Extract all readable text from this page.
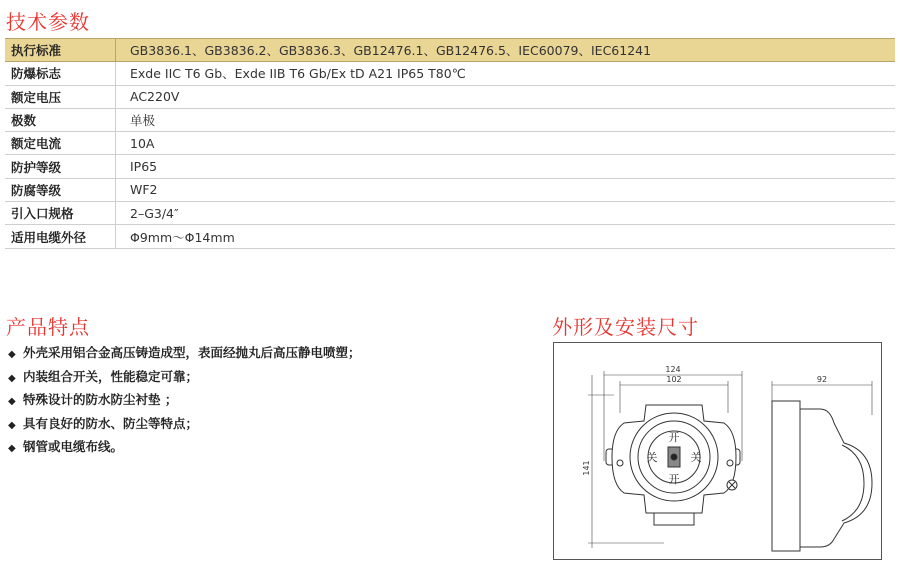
技术参数
执行标准	GB3836.1、GB3836.2、GB3836.3、GB12476.1、GB12476.5、IEC60079、IEC61241
防爆标志	Exde IIC T6 Gb、Exde IIB T6 Gb/Ex tD A21 IP65 T80℃
额定电压	AC220V
极数	单极
额定电流	10A
防护等级	IP65
防腐等级	WF2
引入口规格	2–G3/4″
适用电缆外径	Φ9mm～Φ14mm
产品特点
◆ 外壳采用铝合金高压铸造成型，表面经抛丸后高压静电喷塑；
◆ 内装组合开关，性能稳定可靠；
◆ 特殊设计的防水防尘衬垫 ；
◆ 具有良好的防水、防尘等特点；
◆ 钢管或电缆布线。
外形及安装尺寸
124
102
141
开
开
关	关
92
